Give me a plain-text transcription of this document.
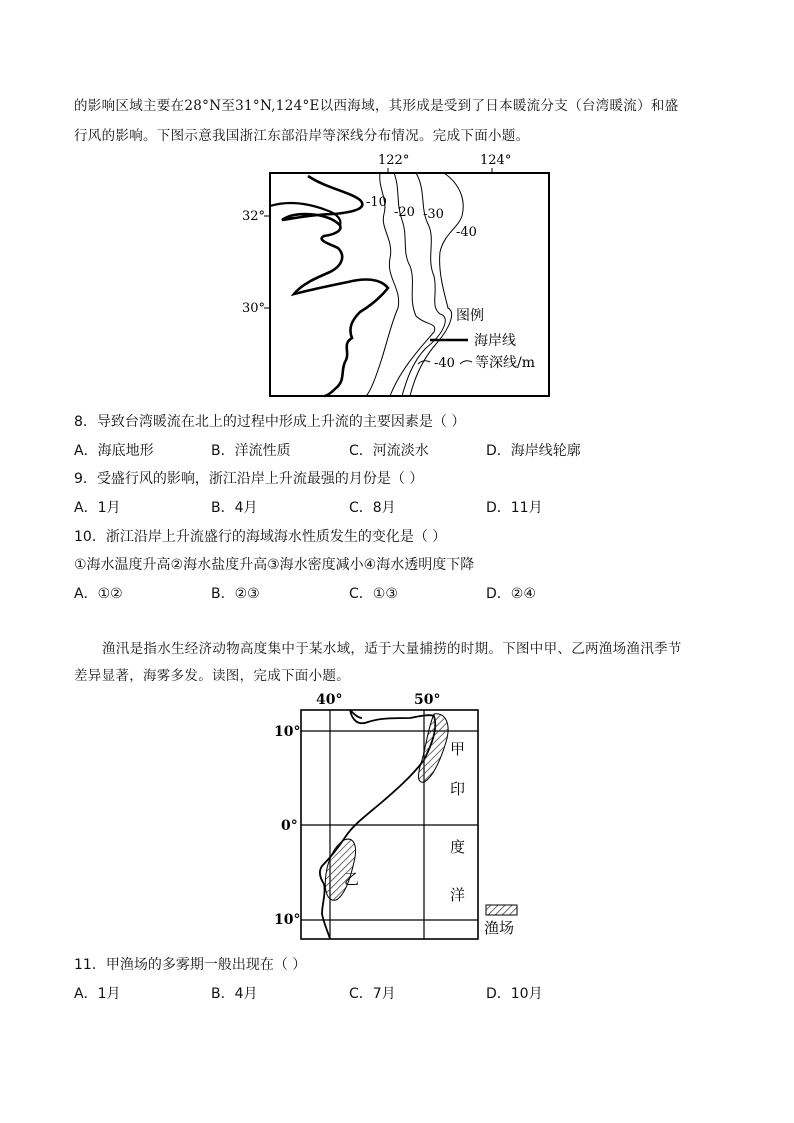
的影响区域主要在28°N至31°N,124°E以西海域，其形成是受到了日本暖流分支（台湾暖流）和盛
行风的影响。下图示意我国浙江东部沿岸等深线分布情况。完成下面小题。
122°	124°
32°
30°
-10
-20 -30
-40
图例
海岸线
-40 等深线/m
8．导致台湾暖流在北上的过程中形成上升流的主要因素是（ ）
A．海底地形	B．洋流性质	C．河流淡水	D．海岸线轮廓
9．受盛行风的影响，浙江沿岸上升流最强的月份是（ ）
A．1月	B．4月	C．8月	D．11月
10．浙江沿岸上升流盛行的海域海水性质发生的变化是（ ）
①海水温度升高②海水盐度升高③海水密度减小④海水透明度下降
A．①②	B．②③	C．①③	D．②④
渔汛是指水生经济动物高度集中于某水域，适于大量捕捞的时期。下图中甲、乙两渔场渔汛季节
差异显著，海雾多发。读图，完成下面小题。
40°	50°
10°
0°
10°
甲
印
度
洋
乙
渔场
11．甲渔场的多雾期一般出现在（ ）
A．1月	B．4月	C．7月	D．10月
